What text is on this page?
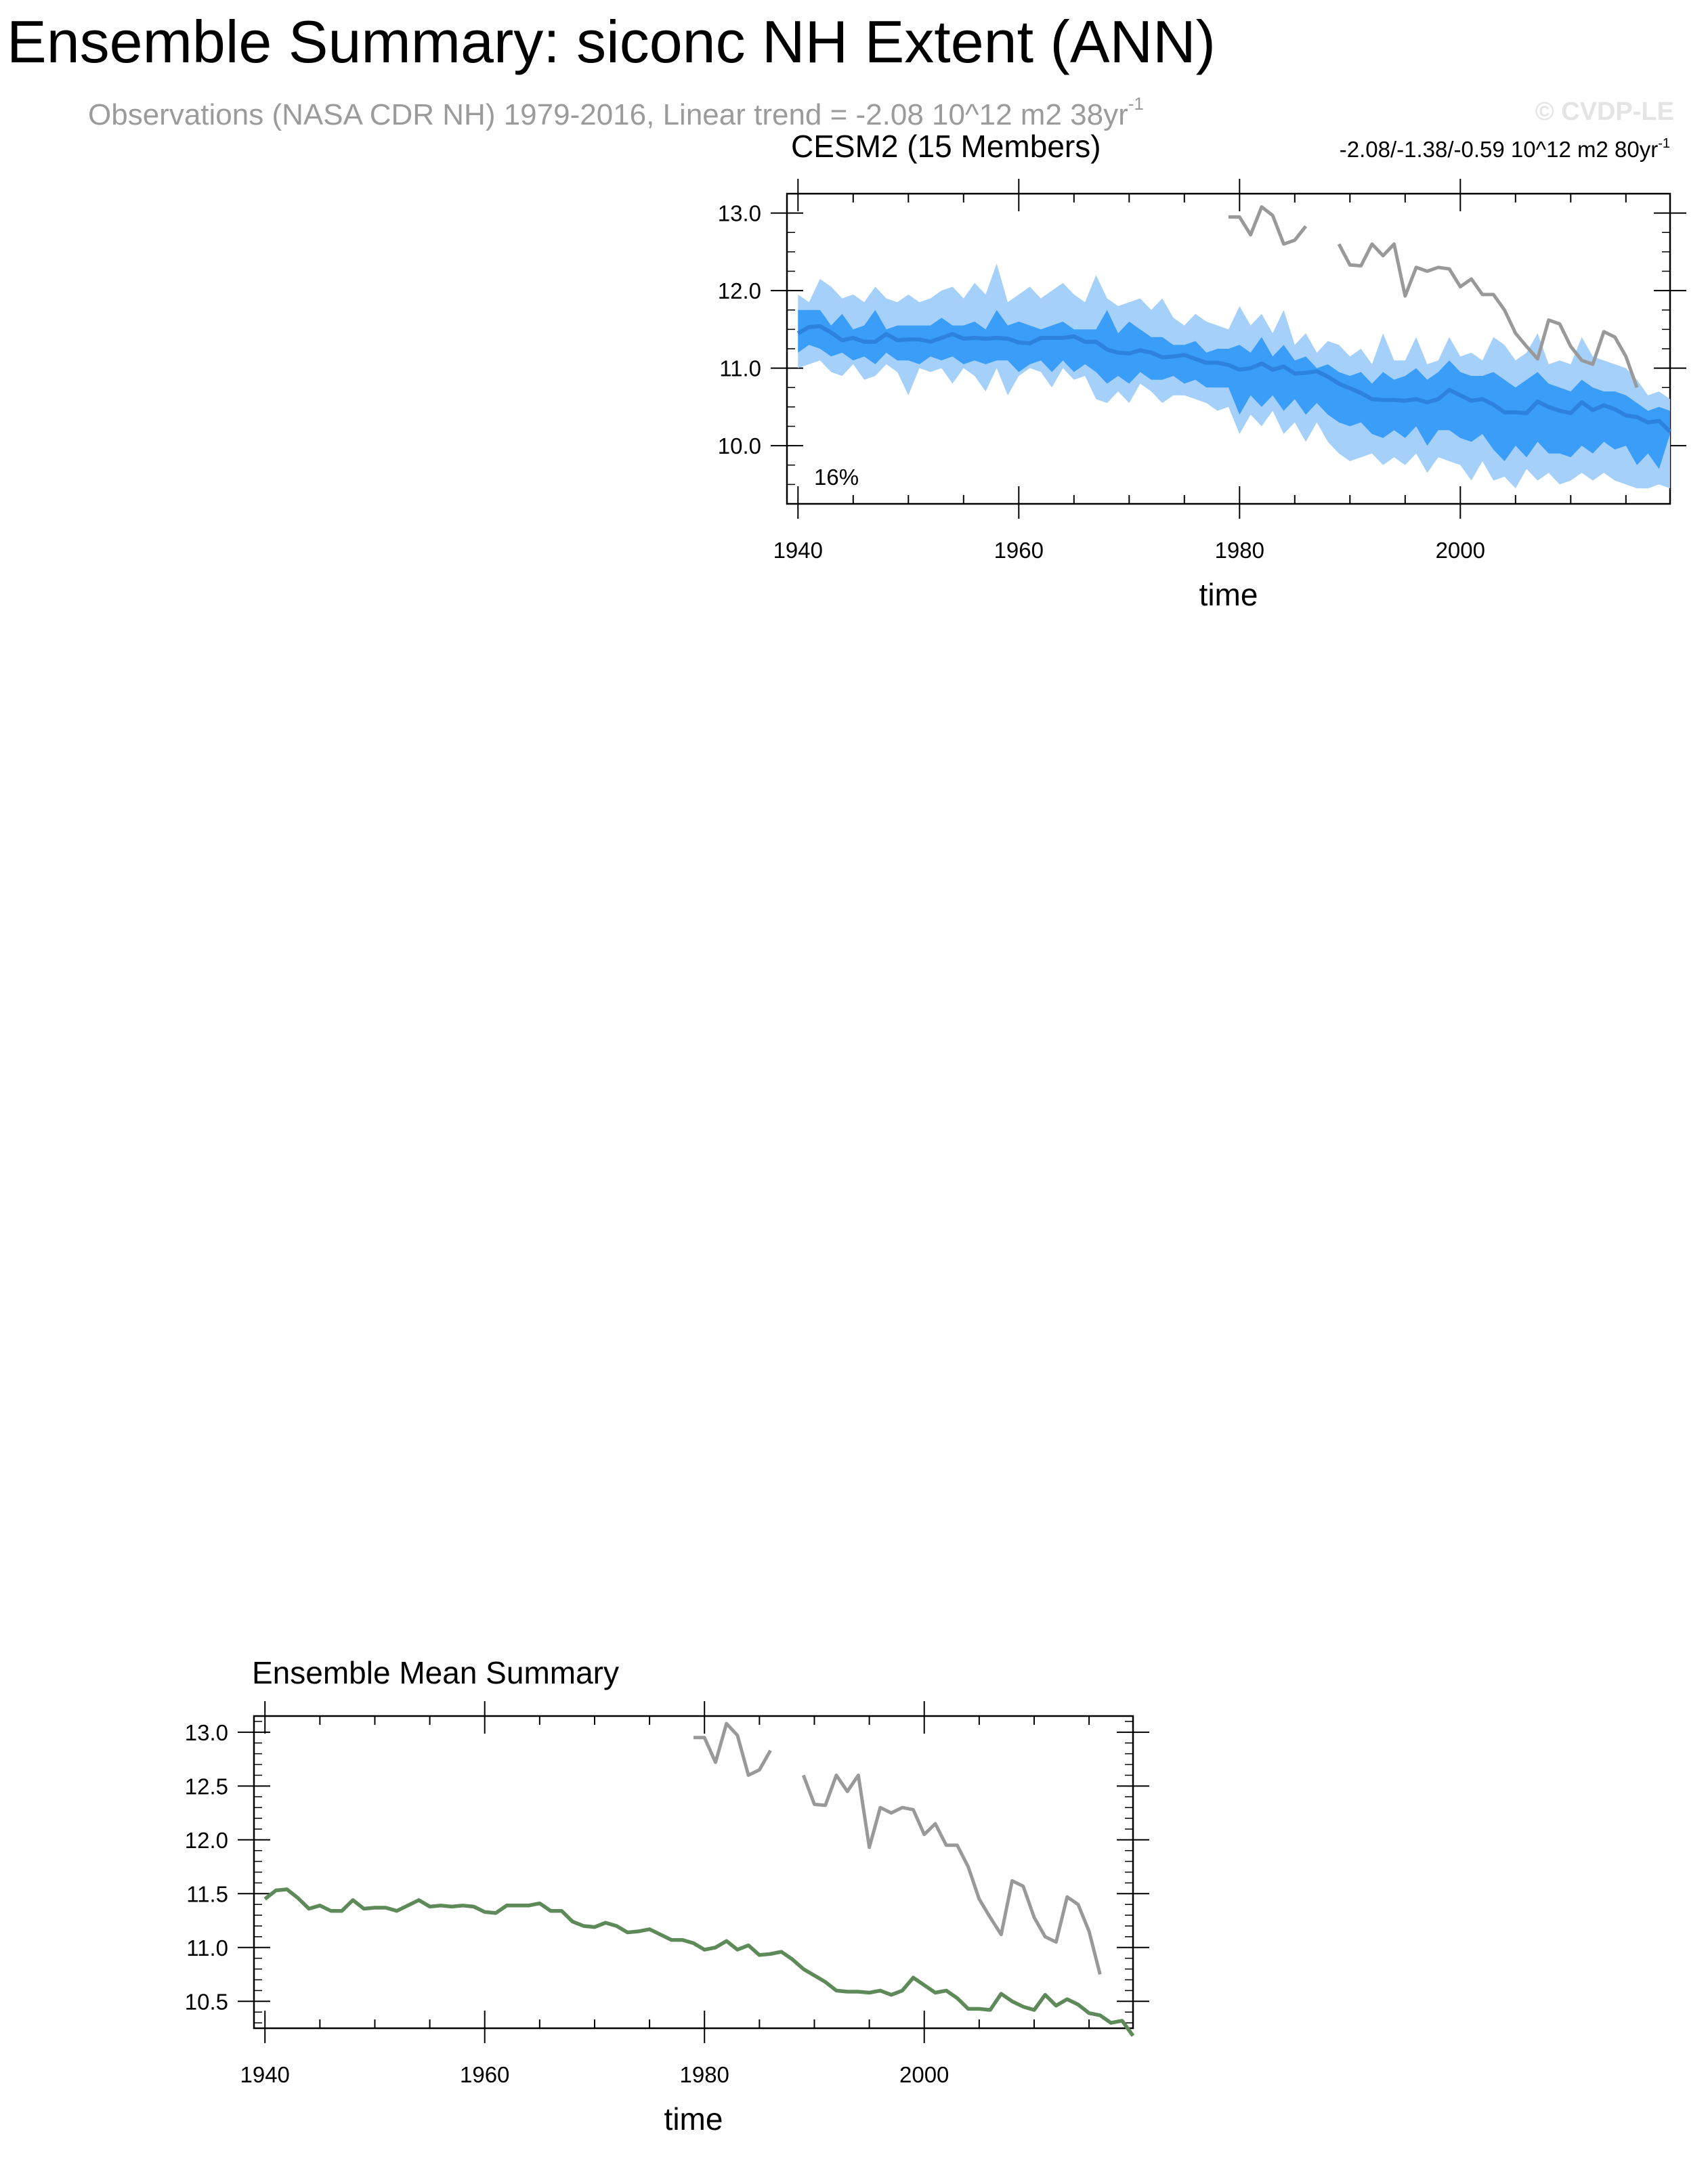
Ensemble Summary: siconc NH Extent (ANN)
Observations (NASA CDR NH) 1979-2016, Linear trend = -2.08 10^12 m2 $38yr^{-1}$	© CVDP-LE
1940	1960	1980	2000
10.0
11.0
12.0
13.0
time
CESM2 (15 Members)	-2.08/-1.38/-0.59 10^12 m2 $80yr^{-1}$
16%
1940	1960	1980	2000
10.5
11.0
11.5
12.0
12.5
13.0
time
Ensemble Mean Summary
